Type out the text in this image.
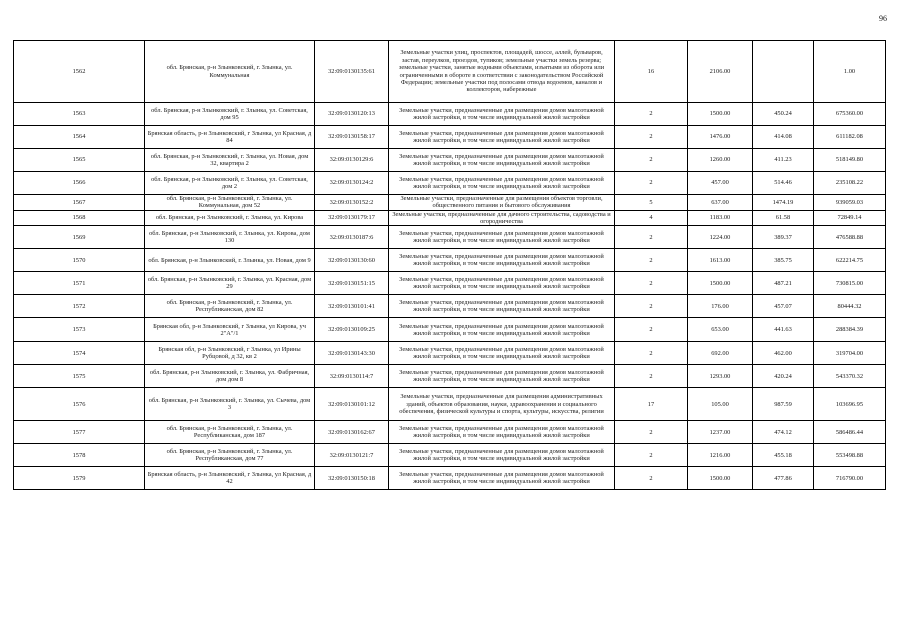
96
1562	обл. Брянская, р-н Злынковский, г. Злынка, ул. Коммунальная	32:09:0130135:61	Земельные участки улиц, проспектов, площадей, шоссе, аллей, бульваров, застав, переулков, проездов, тупиков; земельные участки земель резерва; земельные участки, занятые водными объектами, изъятыми из оборота или ограниченными в обороте в соответствии с законодательством Российской Федерации; земельные участки под полосами отвода водоемов, каналов и коллекторов, набережные	16	2106.00		1.00
1563	обл. Брянская, р-н Злынковский, г. Злынка, ул. Советская, дом 95	32:09:0130120:13	Земельные участки, предназначенные для размещения домов малоэтажной жилой застройки, в том числе индивидуальной жилой застройки	2	1500.00	450.24	675360.00
1564	Брянская область, р-н Злынковский, г Злынка, ул Красная, д 84	32:09:0130158:17	Земельные участки, предназначенные для размещения домов малоэтажной жилой застройки, в том числе индивидуальной жилой застройки	2	1476.00	414.08	611182.08
1565	обл. Брянская, р-н Злынковский, г. Злынка, ул. Новая, дом 32, квартира 2	32:09:0130129:6	Земельные участки, предназначенные для размещения домов малоэтажной жилой застройки, в том числе индивидуальной жилой застройки	2	1260.00	411.23	518149.80
1566	обл. Брянская, р-н Злынковский, г. Злынка, ул. Советская, дом 2	32:09:0130124:2	Земельные участки, предназначенные для размещения домов малоэтажной жилой застройки, в том числе индивидуальной жилой застройки	2	457.00	514.46	235108.22
1567	обл. Брянская, р-н Злынковский, г. Злынка, ул. Коммунальная, дом 52	32:09:0130152:2	Земельные участки, предназначенные для размещения объектов торговли, общественного питания и бытового обслуживания	5	637.00	1474.19	939059.03
1568	обл. Брянская, р-н Злынковский, г. Злынка, ул. Кирова	32:09:0130179:17	Земельные участки, предназначенные для дачного строительства, садоводства и огородничества	4	1183.00	61.58	72849.14
1569	обл. Брянская, р-н Злынковский, г. Злынка, ул. Кирова, дом 130	32:09:0130187:6	Земельные участки, предназначенные для размещения домов малоэтажной жилой застройки, в том числе индивидуальной жилой застройки	2	1224.00	389.37	476588.88
1570	обл. Брянская, р-н Злынковский, г. Злынка, ул. Новая, дом 9	32:09:0130130:60	Земельные участки, предназначенные для размещения домов малоэтажной жилой застройки, в том числе индивидуальной жилой застройки	2	1613.00	385.75	622214.75
1571	обл. Брянская, р-н Злынковский, г. Злынка, ул. Красная, дом 29	32:09:0130151:15	Земельные участки, предназначенные для размещения домов малоэтажной жилой застройки, в том числе индивидуальной жилой застройки	2	1500.00	487.21	730815.00
1572	обл. Брянская, р-н Злынковский, г. Злынка, ул. Республиканская, дом 82	32:09:0130101:41	Земельные участки, предназначенные для размещения домов малоэтажной жилой застройки, в том числе индивидуальной жилой застройки	2	176.00	457.07	80444.32
1573	Брянская обл, р-н Злынковский, г Злынка, ул Кирова, уч 2"А"/1	32:09:0130109:25	Земельные участки, предназначенные для размещения домов малоэтажной жилой застройки, в том числе индивидуальной жилой застройки	2	653.00	441.63	288384.39
1574	Брянская обл, р-н Злынковский, г Злынка, ул Ирины Рубцовой, д 32, кв 2	32:09:0130143:30	Земельные участки, предназначенные для размещения домов малоэтажной жилой застройки, в том числе индивидуальной жилой застройки	2	692.00	462.00	319704.00
1575	обл. Брянская, р-н Злынковский, г. Злынка, ул. Фабричная, дом дом 8	32:09:0130114:7	Земельные участки, предназначенные для размещения домов малоэтажной жилой застройки, в том числе индивидуальной жилой застройки	2	1293.00	420.24	543370.32
1576	обл. Брянская, р-н Злынковский, г. Злынка, ул. Сычева, дом 3	32:09:0130101:12	Земельные участки, предназначенные для размещения административных зданий, объектов образования, науки, здравоохранения и социального обеспечения, физической культуры и спорта, культуры, искусства, религии	17	105.00	987.59	103696.95
1577	обл. Брянская, р-н Злынковский, г. Злынка, ул. Республиканская, дом 187	32:09:0130162:67	Земельные участки, предназначенные для размещения домов малоэтажной жилой застройки, в том числе индивидуальной жилой застройки	2	1237.00	474.12	586486.44
1578	обл. Брянская, р-н Злынковский, г. Злынка, ул. Республиканская, дом 77	32:09:0130121:7	Земельные участки, предназначенные для размещения домов малоэтажной жилой застройки, в том числе индивидуальной жилой застройки	2	1216.00	455.18	553498.88
1579	Брянская область, р-н Злынковский, г Злынка, ул Красная, д 42	32:09:0130150:18	Земельные участки, предназначенные для размещения домов малоэтажной жилой застройки, в том числе индивидуальной жилой застройки	2	1500.00	477.86	716790.00
